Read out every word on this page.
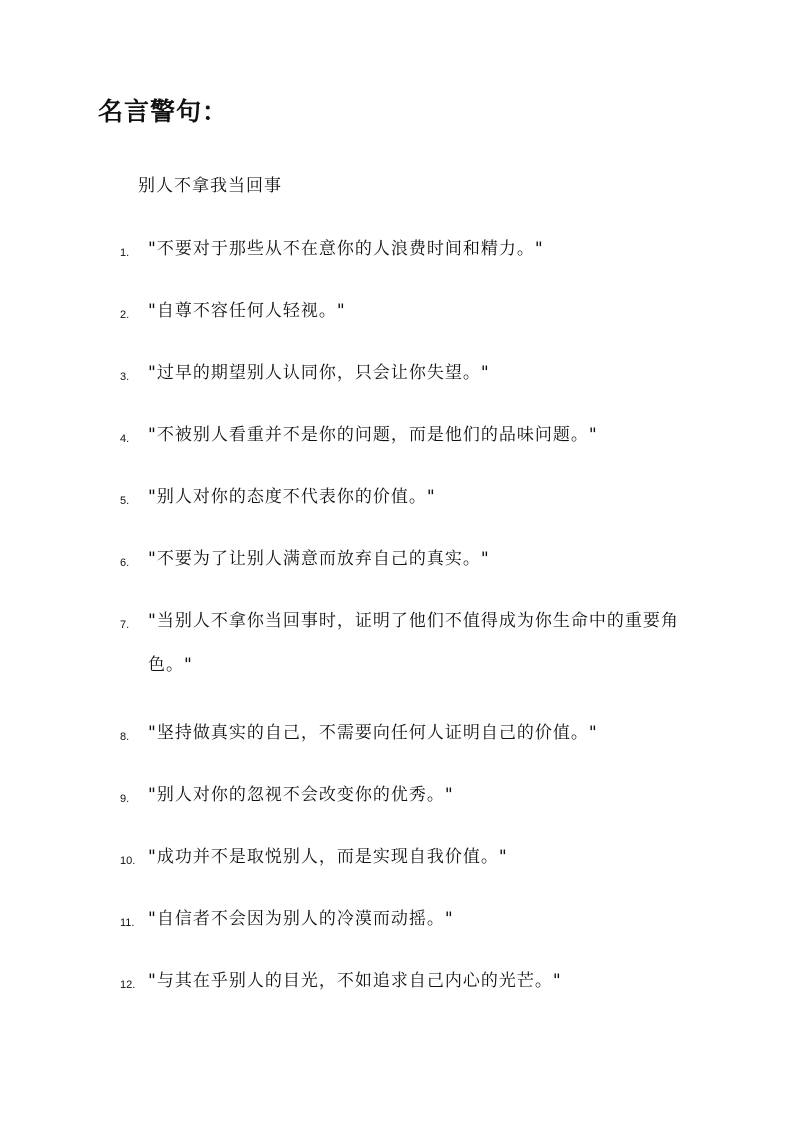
名言警句：

别人不拿我当回事

1.	"不要对于那些从不在意你的人浪费时间和精力。"
2.	"自尊不容任何人轻视。"
3.	"过早的期望别人认同你，只会让你失望。"
4.	"不被别人看重并不是你的问题，而是他们的品味问题。"
5.	"别人对你的态度不代表你的价值。"
6.	"不要为了让别人满意而放弃自己的真实。"
7.	"当别人不拿你当回事时，证明了他们不值得成为你生命中的重要角色。"
8.	"坚持做真实的自己，不需要向任何人证明自己的价值。"
9.	"别人对你的忽视不会改变你的优秀。"
10. "成功并不是取悦别人，而是实现自我价值。"
11. "自信者不会因为别人的冷漠而动摇。"
12. "与其在乎别人的目光，不如追求自己内心的光芒。"
